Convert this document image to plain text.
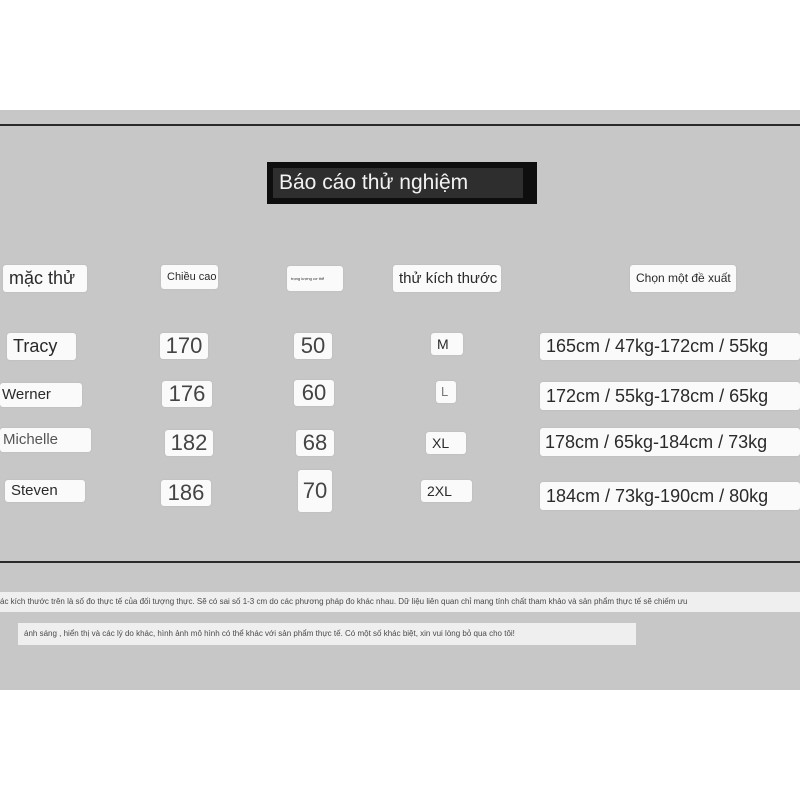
Báo cáo thử nghiệm
mặc thử	Chiều cao	trọng lượng cơ thể	thử kích thước	Chọn một đề xuất
Tracy	170	50	M	165cm / 47kg-172cm / 55kg
Werner	176	60	L	172cm / 55kg-178cm / 65kg
Michelle	182	68	XL	178cm / 65kg-184cm / 73kg
Steven	186	70	2XL	184cm / 73kg-190cm / 80kg
ác kích thước trên là số đo thực tế của đối tượng thực. Sẽ có sai số 1-3 cm do các phương pháp đo khác nhau. Dữ liệu liên quan chỉ mang tính chất tham khảo và sản phẩm thực tế sẽ chiếm ưu
ánh sáng , hiển thị và các lý do khác, hình ảnh mô hình có thể khác với sản phẩm thực tế. Có một số khác biệt, xin vui lòng bỏ qua cho tôi!
